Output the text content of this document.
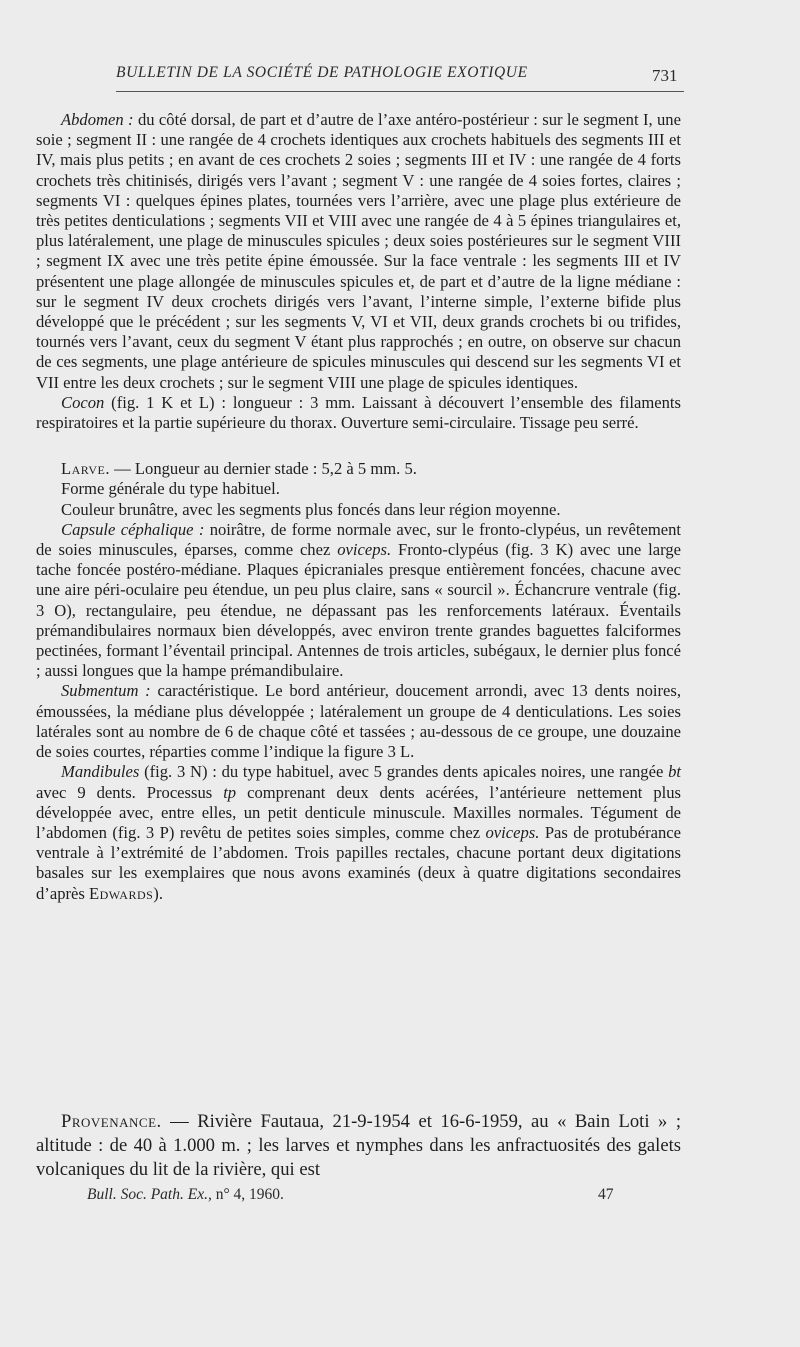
BULLETIN DE LA SOCIÉTÉ DE PATHOLOGIE EXOTIQUE	731

Abdomen : du côté dorsal, de part et d’autre de l’axe antéro-postérieur : sur le segment I, une soie ; segment II : une rangée de 4 crochets identiques aux crochets habituels des segments III et IV, mais plus petits ; en avant de ces crochets 2 soies ; segments III et IV : une rangée de 4 forts crochets très chitinisés, dirigés vers l’avant ; segment V : une rangée de 4 soies fortes, claires ; segments VI : quelques épines plates, tournées vers l’arrière, avec une plage plus extérieure de très petites denticulations ; segments VII et VIII avec une rangée de 4 à 5 épines triangulaires et, plus latéralement, une plage de minuscules spicules ; deux soies postérieures sur le segment VIII ; segment IX avec une très petite épine émoussée. Sur la face ventrale : les segments III et IV présentent une plage allongée de minuscules spicules et, de part et d’autre de la ligne médiane : sur le segment IV deux crochets dirigés vers l’avant, l’interne simple, l’externe bifide plus développé que le précédent ; sur les segments V, VI et VII, deux grands crochets bi ou trifides, tournés vers l’avant, ceux du segment V étant plus rapprochés ; en outre, on observe sur chacun de ces segments, une plage antérieure de spicules minuscules qui descend sur les segments VI et VII entre les deux crochets ; sur le segment VIII une plage de spicules identiques.

Cocon (fig. 1 K et L) : longueur : 3 mm. Laissant à découvert l’ensemble des filaments respiratoires et la partie supérieure du thorax. Ouverture semi-circulaire. Tissage peu serré.

Larve. — Longueur au dernier stade : 5,2 à 5 mm. 5.

Forme générale du type habituel.

Couleur brunâtre, avec les segments plus foncés dans leur région moyenne.

Capsule céphalique : noirâtre, de forme normale avec, sur le fronto-clypéus, un revêtement de soies minuscules, éparses, comme chez oviceps. Fronto-clypéus (fig. 3 K) avec une large tache foncée postéro-médiane. Plaques épicraniales presque entièrement foncées, chacune avec une aire péri-oculaire peu étendue, un peu plus claire, sans « sourcil ». Échancrure ventrale (fig. 3 O), rectangulaire, peu étendue, ne dépassant pas les renforcements latéraux. Éventails prémandibulaires normaux bien développés, avec environ trente grandes baguettes falciformes pectinées, formant l’éventail principal. Antennes de trois articles, subégaux, le dernier plus foncé ; aussi longues que la hampe prémandibulaire.

Submentum : caractéristique. Le bord antérieur, doucement arrondi, avec 13 dents noires, émoussées, la médiane plus développée ; latéralement un groupe de 4 denticulations. Les soies latérales sont au nombre de 6 de chaque côté et tassées ; au-dessous de ce groupe, une douzaine de soies courtes, réparties comme l’indique la figure 3 L.

Mandibules (fig. 3 N) : du type habituel, avec 5 grandes dents apicales noires, une rangée bt avec 9 dents. Processus tp comprenant deux dents acérées, l’antérieure nettement plus développée avec, entre elles, un petit denticule minuscule. Maxilles normales. Tégument de l’abdomen (fig. 3 P) revêtu de petites soies simples, comme chez oviceps. Pas de protubérance ventrale à l’extrémité de l’abdomen. Trois papilles rectales, chacune portant deux digitations basales sur les exemplaires que nous avons examinés (deux à quatre digitations secondaires d’après Edwards).

Provenance. — Rivière Fautaua, 21-9-1954 et 16-6-1959, au « Bain Loti » ; altitude : de 40 à 1.000 m. ; les larves et nymphes dans les anfractuosités des galets volcaniques du lit de la rivière, qui est

Bull. Soc. Path. Ex., n° 4, 1960.	47
